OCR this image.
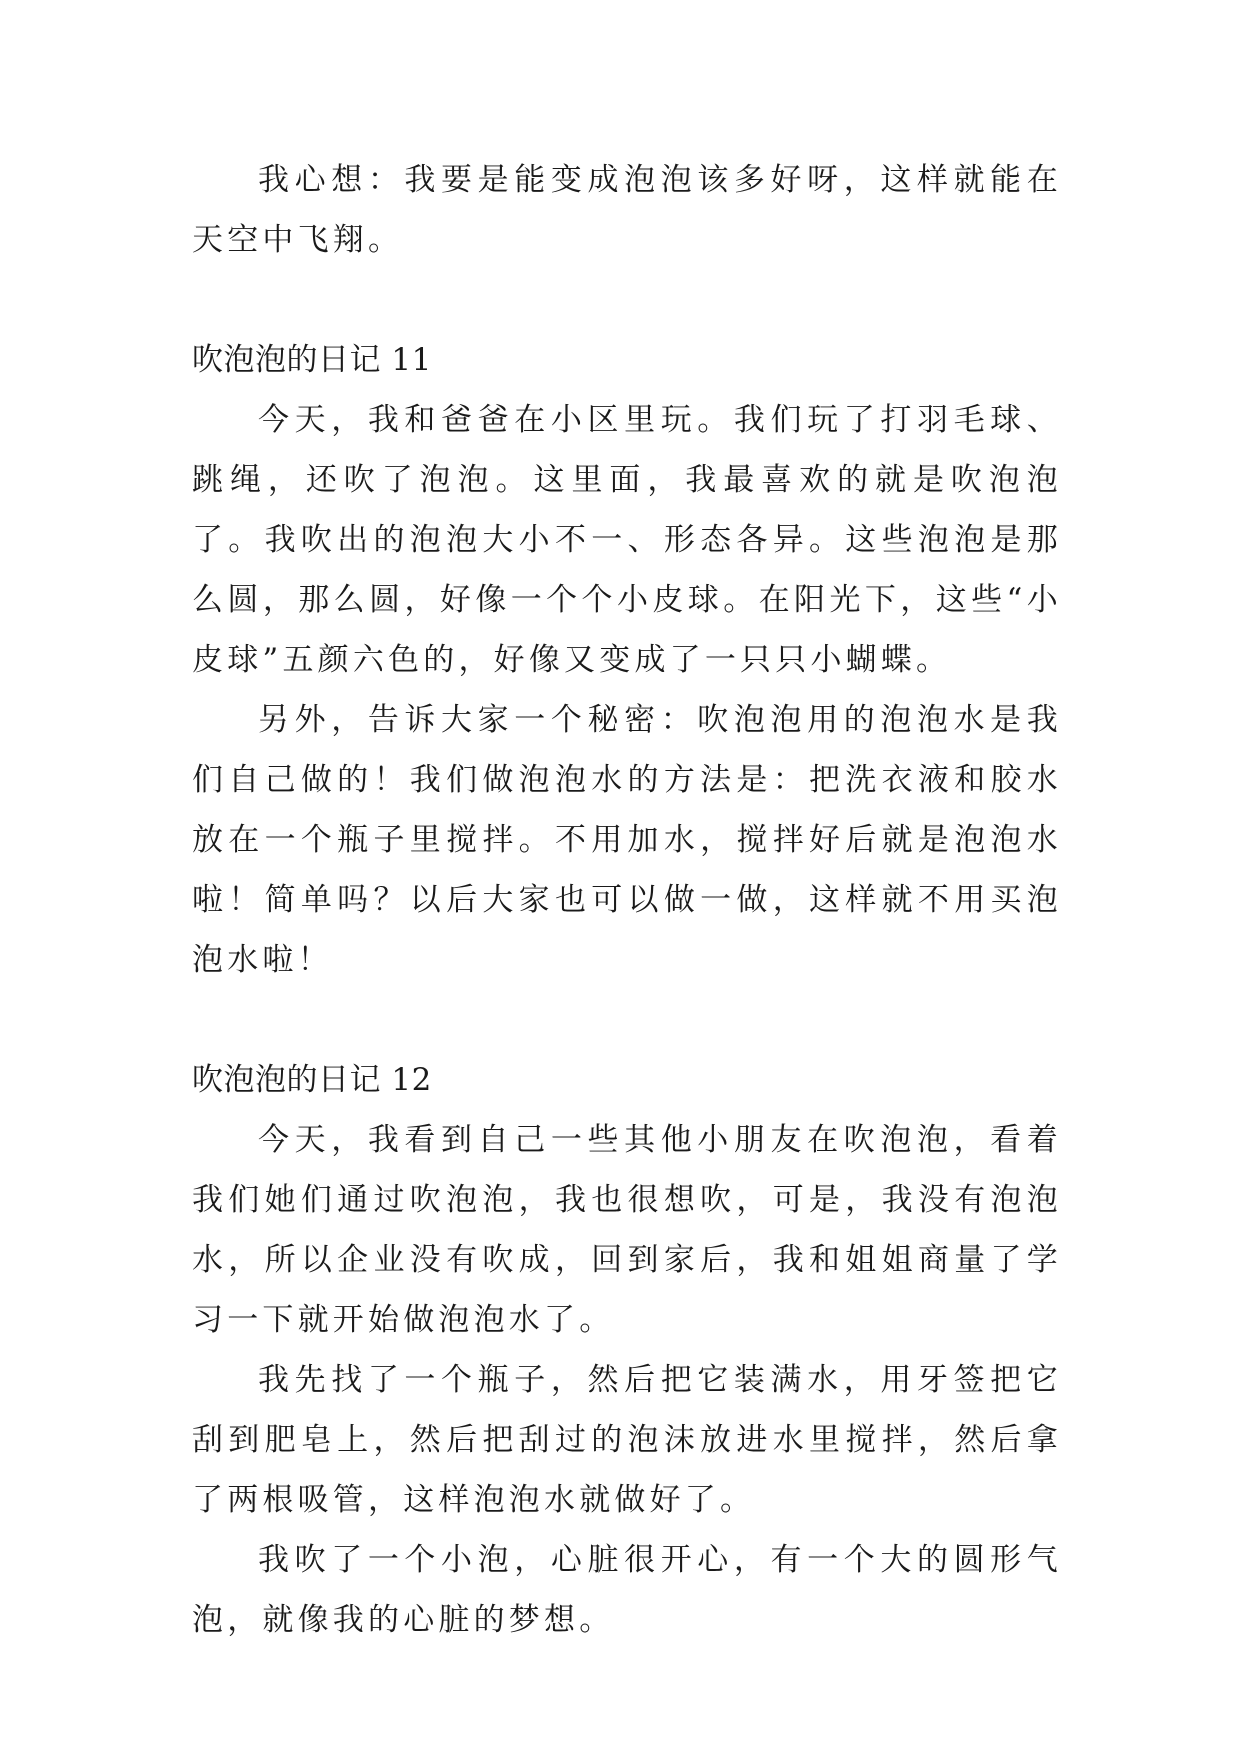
我心想：我要是能变成泡泡该多好呀，这样就能在天空中飞翔。

吹泡泡的日记 11

今天，我和爸爸在小区里玩。我们玩了打羽毛球、跳绳，还吹了泡泡。这里面，我最喜欢的就是吹泡泡了。我吹出的泡泡大小不一、形态各异。这些泡泡是那么圆，那么圆，好像一个个小皮球。在阳光下，这些“小皮球”五颜六色的，好像又变成了一只只小蝴蝶。

另外，告诉大家一个秘密：吹泡泡用的泡泡水是我们自己做的！我们做泡泡水的方法是：把洗衣液和胶水放在一个瓶子里搅拌。不用加水，搅拌好后就是泡泡水啦！简单吗？以后大家也可以做一做，这样就不用买泡泡水啦！

吹泡泡的日记 12

今天，我看到自己一些其他小朋友在吹泡泡，看着我们她们通过吹泡泡，我也很想吹，可是，我没有泡泡水，所以企业没有吹成，回到家后，我和姐姐商量了学习一下就开始做泡泡水了。

我先找了一个瓶子，然后把它装满水，用牙签把它刮到肥皂上，然后把刮过的泡沫放进水里搅拌，然后拿了两根吸管，这样泡泡水就做好了。

我吹了一个小泡，心脏很开心，有一个大的圆形气泡，就像我的心脏的梦想。
